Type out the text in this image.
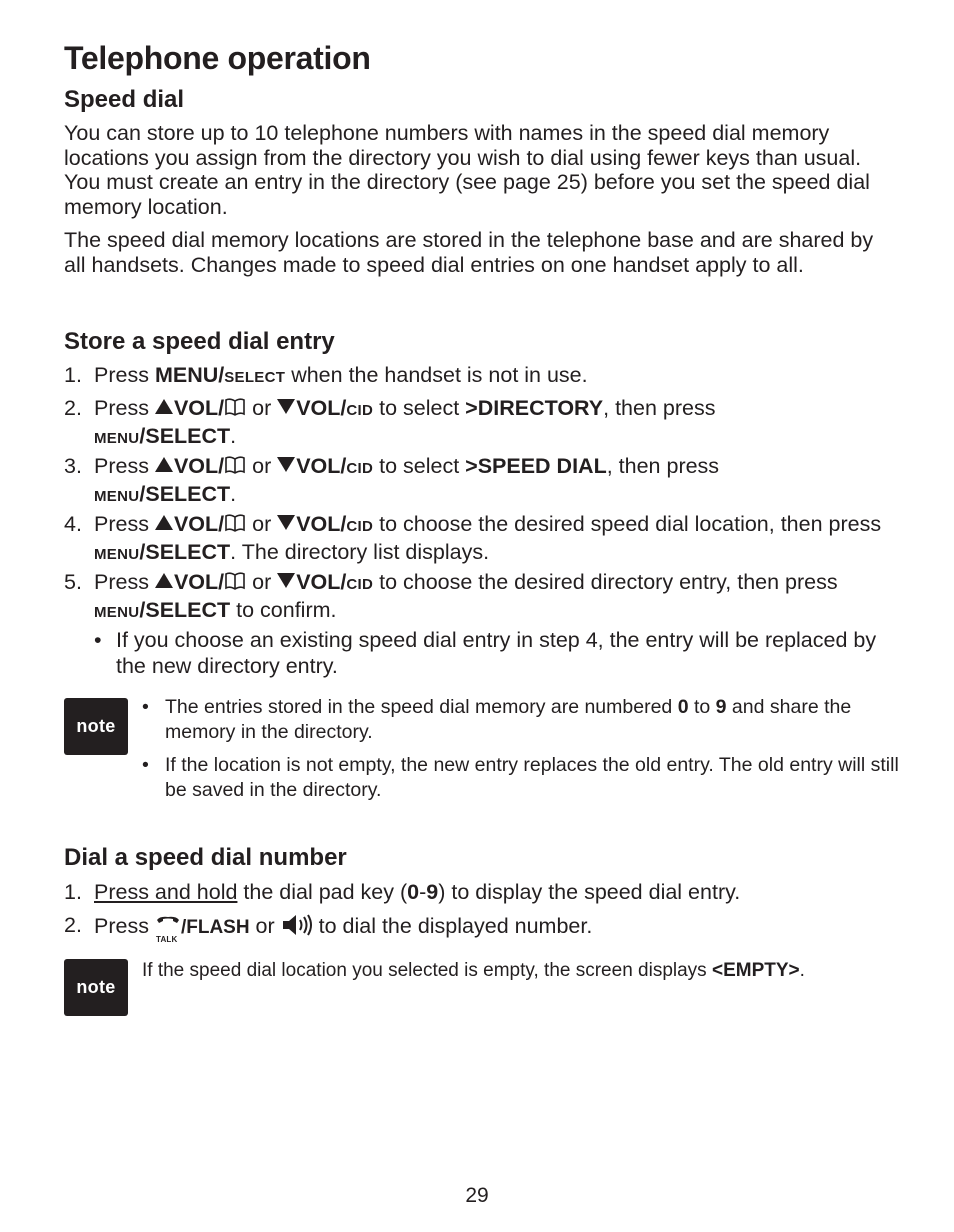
Telephone operation
Speed dial
You can store up to 10 telephone numbers with names in the speed dial memory locations you assign from the directory you wish to dial using fewer keys than usual. You must create an entry in the directory (see page 25) before you set the speed dial memory location.
The speed dial memory locations are stored in the telephone base and are shared by all handsets. Changes made to speed dial entries on one handset apply to all.
Store a speed dial entry
1. Press MENU/SELECT when the handset is not in use.
2. Press VOL/ or VOL/CID to select >DIRECTORY, then press
MENU/SELECT.
3. Press VOL/ or VOL/CID to select >SPEED DIAL, then press
MENU/SELECT.
4. Press VOL/ or VOL/CID to choose the desired speed dial location, then press MENU/SELECT. The directory list displays.
5. Press VOL/ or VOL/CID to choose the desired directory entry, then press MENU/SELECT to confirm.
• If you choose an existing speed dial entry in step 4, the entry will be replaced by the new directory entry.
note
• The entries stored in the speed dial memory are numbered 0 to 9 and share the memory in the directory.
• If the location is not empty, the new entry replaces the old entry. The old entry will still be saved in the directory.
Dial a speed dial number
1. Press and hold the dial pad key (0-9) to display the speed dial entry.
2. Press
TALK
/FLASH or  to dial the displayed number.
note
If the speed dial location you selected is empty, the screen displays <EMPTY>.
29
